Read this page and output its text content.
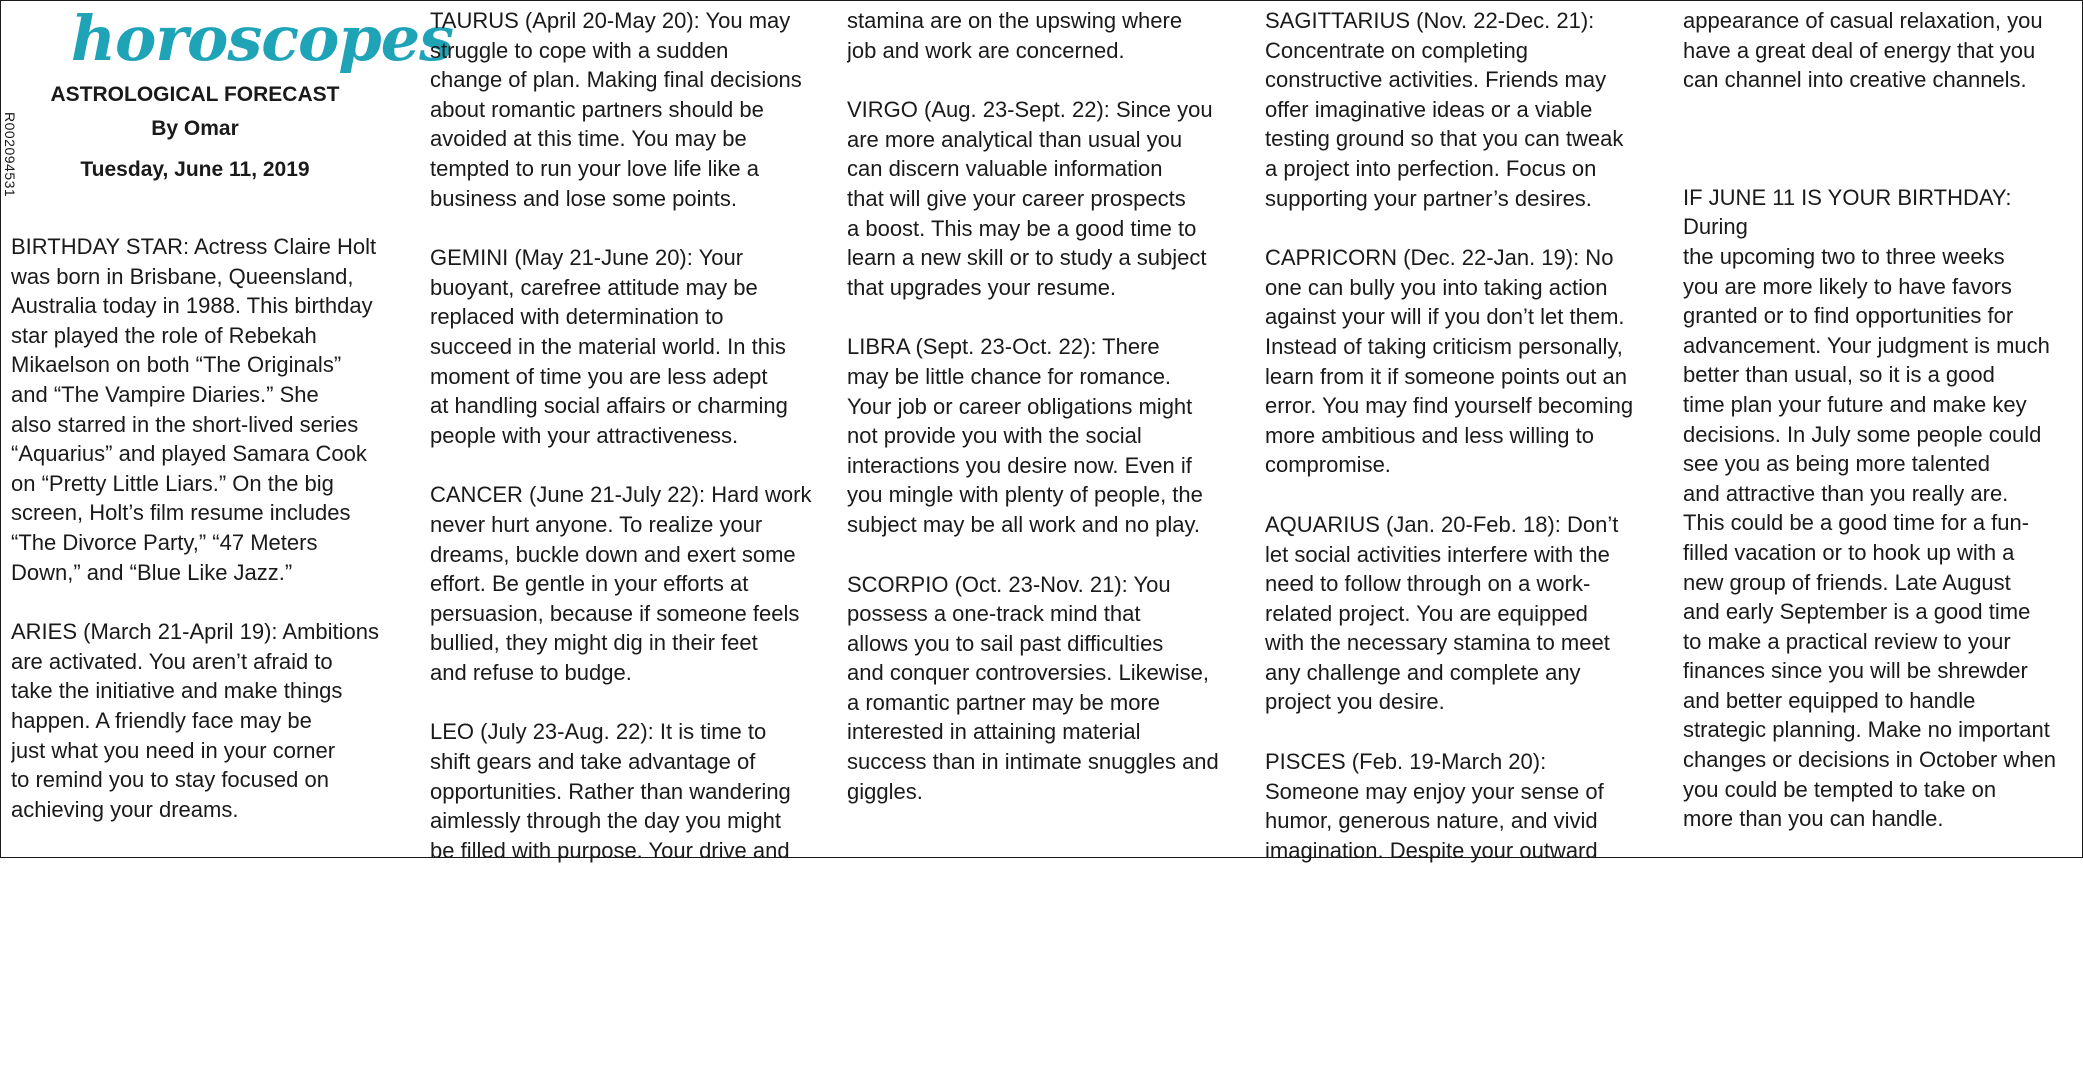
horoscopes
ASTROLOGICAL FORECAST
By Omar
Tuesday, June 11, 2019
R002094531

BIRTHDAY STAR: Actress Claire Holt
was born in Brisbane, Queensland,
Australia today in 1988. This birthday
star played the role of Rebekah
Mikaelson on both “The Originals”
and “The Vampire Diaries.” She
also starred in the short-lived series
“Aquarius” and played Samara Cook
on “Pretty Little Liars.” On the big
screen, Holt’s film resume includes
“The Divorce Party,” “47 Meters
Down,” and “Blue Like Jazz.”

ARIES (March 21-April 19): Ambitions
are activated. You aren’t afraid to
take the initiative and make things
happen. A friendly face may be
just what you need in your corner
to remind you to stay focused on
achieving your dreams.

TAURUS (April 20-May 20): You may
struggle to cope with a sudden
change of plan. Making final decisions
about romantic partners should be
avoided at this time. You may be
tempted to run your love life like a
business and lose some points.

GEMINI (May 21-June 20): Your
buoyant, carefree attitude may be
replaced with determination to
succeed in the material world. In this
moment of time you are less adept
at handling social affairs or charming
people with your attractiveness.

CANCER (June 21-July 22): Hard work
never hurt anyone. To realize your
dreams, buckle down and exert some
effort. Be gentle in your efforts at
persuasion, because if someone feels
bullied, they might dig in their feet
and refuse to budge.

LEO (July 23-Aug. 22): It is time to
shift gears and take advantage of
opportunities. Rather than wandering
aimlessly through the day you might
be filled with purpose. Your drive and

stamina are on the upswing where
job and work are concerned.

VIRGO (Aug. 23-Sept. 22): Since you
are more analytical than usual you
can discern valuable information
that will give your career prospects
a boost. This may be a good time to
learn a new skill or to study a subject
that upgrades your resume.

LIBRA (Sept. 23-Oct. 22): There
may be little chance for romance.
Your job or career obligations might
not provide you with the social
interactions you desire now. Even if
you mingle with plenty of people, the
subject may be all work and no play.

SCORPIO (Oct. 23-Nov. 21): You
possess a one-track mind that
allows you to sail past difficulties
and conquer controversies. Likewise,
a romantic partner may be more
interested in attaining material
success than in intimate snuggles and
giggles.

SAGITTARIUS (Nov. 22-Dec. 21):
Concentrate on completing
constructive activities. Friends may
offer imaginative ideas or a viable
testing ground so that you can tweak
a project into perfection. Focus on
supporting your partner’s desires.

CAPRICORN (Dec. 22-Jan. 19): No
one can bully you into taking action
against your will if you don’t let them.
Instead of taking criticism personally,
learn from it if someone points out an
error. You may find yourself becoming
more ambitious and less willing to
compromise.

AQUARIUS (Jan. 20-Feb. 18): Don’t
let social activities interfere with the
need to follow through on a work-
related project. You are equipped
with the necessary stamina to meet
any challenge and complete any
project you desire.

PISCES (Feb. 19-March 20):
Someone may enjoy your sense of
humor, generous nature, and vivid
imagination. Despite your outward

appearance of casual relaxation, you
have a great deal of energy that you
can channel into creative channels.

IF JUNE 11 IS YOUR BIRTHDAY: During
the upcoming two to three weeks
you are more likely to have favors
granted or to find opportunities for
advancement. Your judgment is much
better than usual, so it is a good
time plan your future and make key
decisions. In July some people could
see you as being more talented
and attractive than you really are.
This could be a good time for a fun-
filled vacation or to hook up with a
new group of friends. Late August
and early September is a good time
to make a practical review to your
finances since you will be shrewder
and better equipped to handle
strategic planning. Make no important
changes or decisions in October when
you could be tempted to take on
more than you can handle.
